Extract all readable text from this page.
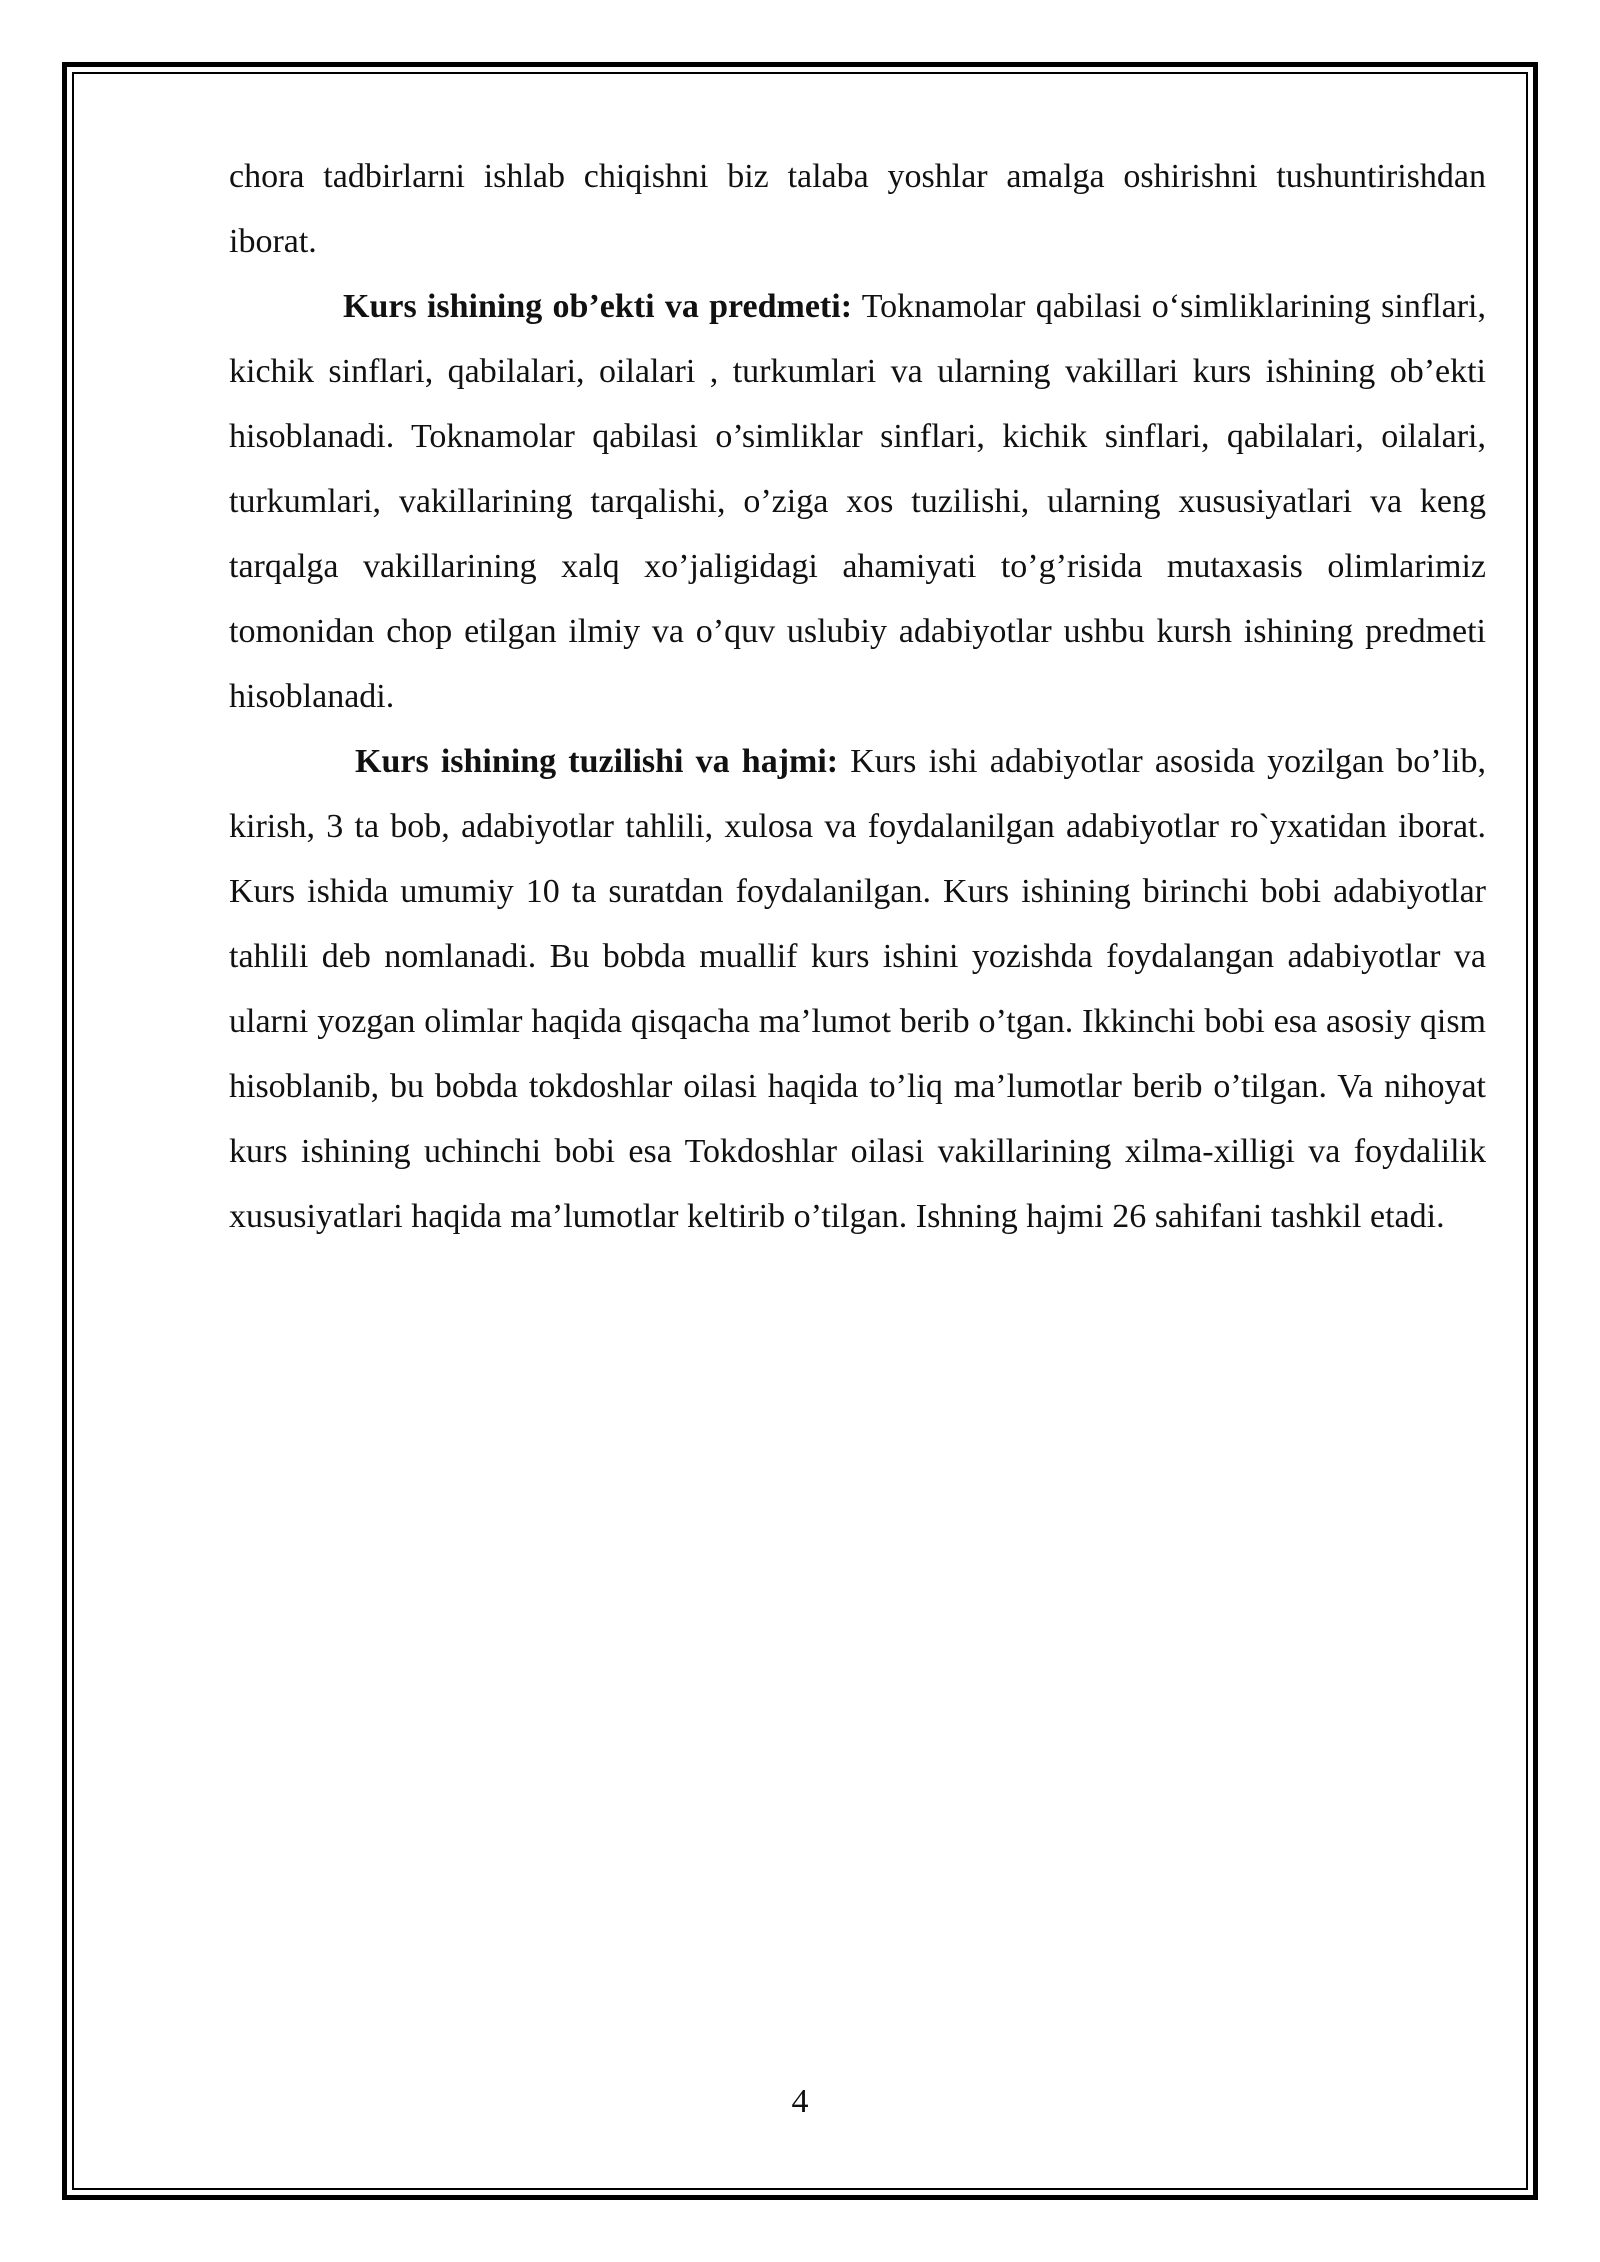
chora tadbirlarni ishlab chiqishni biz talaba yoshlar amalga oshirishni tushuntirishdan iborat.

Kurs ishining ob’ekti va predmeti: Toknamolar qabilasi o‘simliklarining sinflari, kichik sinflari, qabilalari, oilalari , turkumlari va ularning vakillari kurs ishining ob’ekti hisoblanadi. Toknamolar qabilasi o’simliklar sinflari, kichik sinflari, qabilalari, oilalari, turkumlari, vakillarining tarqalishi, o’ziga xos tuzilishi, ularning xususiyatlari va keng tarqalga vakillarining xalq xo’jaligidagi ahamiyati to’g’risida mutaxasis olimlarimiz tomonidan chop etilgan ilmiy va o’quv uslubiy adabiyotlar ushbu kursh ishining predmeti hisoblanadi.

Kurs ishining tuzilishi va hajmi: Kurs ishi adabiyotlar asosida yozilgan bo’lib, kirish, 3 ta bob, adabiyotlar tahlili, xulosa va foydalanilgan adabiyotlar ro`yxatidan iborat. Kurs ishida umumiy 10 ta suratdan foydalanilgan. Kurs ishining birinchi bobi adabiyotlar tahlili deb nomlanadi. Bu bobda muallif kurs ishini yozishda foydalangan adabiyotlar va ularni yozgan olimlar haqida qisqacha ma’lumot berib o’tgan. Ikkinchi bobi esa asosiy qism hisoblanib, bu bobda tokdoshlar oilasi haqida to’liq ma’lumotlar berib o’tilgan. Va nihoyat kurs ishining uchinchi bobi esa Tokdoshlar oilasi vakillarining xilma-xilligi va foydalilik xususiyatlari haqida ma’lumotlar keltirib o’tilgan. Ishning hajmi 26 sahifani tashkil etadi.

4
